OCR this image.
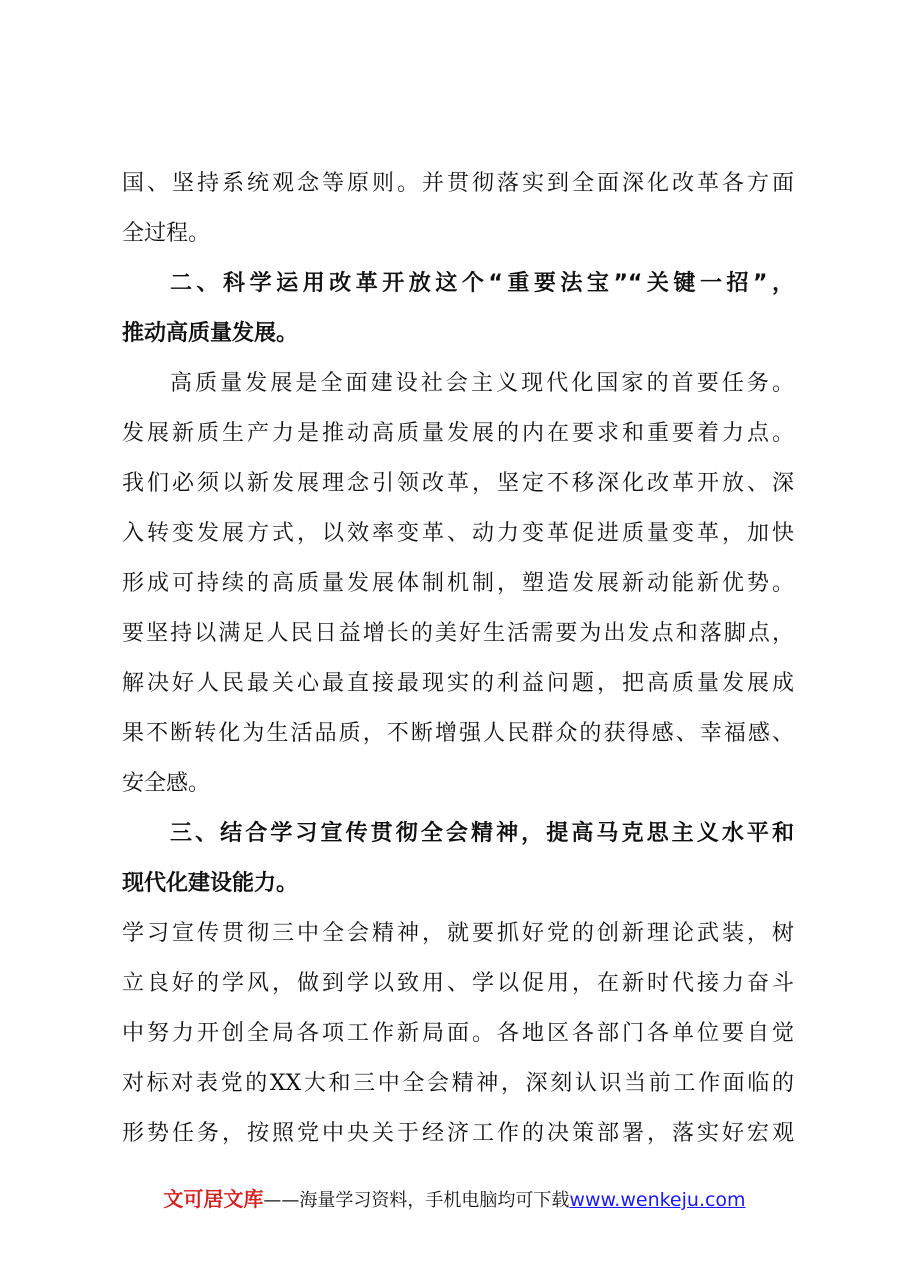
国、坚持系统观念等原则。并贯彻落实到全面深化改革各方面
全过程。
二、科学运用改革开放这个“重要法宝”“关键一招”，
推动高质量发展。
高质量发展是全面建设社会主义现代化国家的首要任务。
发展新质生产力是推动高质量发展的内在要求和重要着力点。
我们必须以新发展理念引领改革，坚定不移深化改革开放、深
入转变发展方式，以效率变革、动力变革促进质量变革，加快
形成可持续的高质量发展体制机制，塑造发展新动能新优势。
要坚持以满足人民日益增长的美好生活需要为出发点和落脚点，
解决好人民最关心最直接最现实的利益问题，把高质量发展成
果不断转化为生活品质，不断增强人民群众的获得感、幸福感、
安全感。
三、结合学习宣传贯彻全会精神，提高马克思主义水平和
现代化建设能力。
学习宣传贯彻三中全会精神，就要抓好党的创新理论武装，树
立良好的学风，做到学以致用、学以促用，在新时代接力奋斗
中努力开创全局各项工作新局面。各地区各部门各单位要自觉
对标对表党的XX大和三中全会精神，深刻认识当前工作面临的
形势任务，按照党中央关于经济工作的决策部署，落实好宏观
文可居文库——海量学习资料，手机电脑均可下载www.wenkeju.com
